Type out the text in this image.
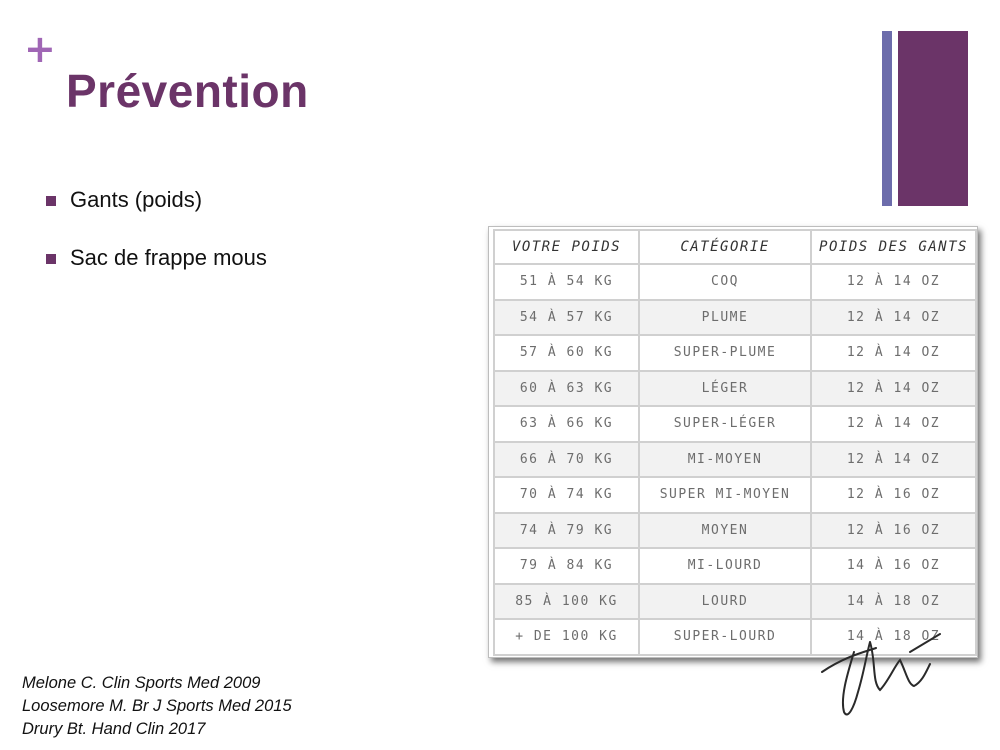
+
Prévention
Gants (poids)
Sac de frappe mous	VOTRE POIDS	CATÉGORIE	POIDS DES GANTS
51 À 54 KG	COQ	12 À 14 OZ
54 À 57 KG	PLUME	12 À 14 OZ
57 À 60 KG	SUPER-PLUME	12 À 14 OZ
60 À 63 KG	LÉGER	12 À 14 OZ
63 À 66 KG	SUPER-LÉGER	12 À 14 OZ
66 À 70 KG	MI-MOYEN	12 À 14 OZ
70 À 74 KG	SUPER MI-MOYEN	12 À 16 OZ
74 À 79 KG	MOYEN	12 À 16 OZ
79 À 84 KG	MI-LOURD	14 À 16 OZ
85 À 100 KG	LOURD	14 À 18 OZ
+ DE 100 KG	SUPER-LOURD	14 À 18 OZ
Melone C. Clin Sports Med 2009
Loosemore M. Br J Sports Med 2015
Drury Bt. Hand Clin 2017
